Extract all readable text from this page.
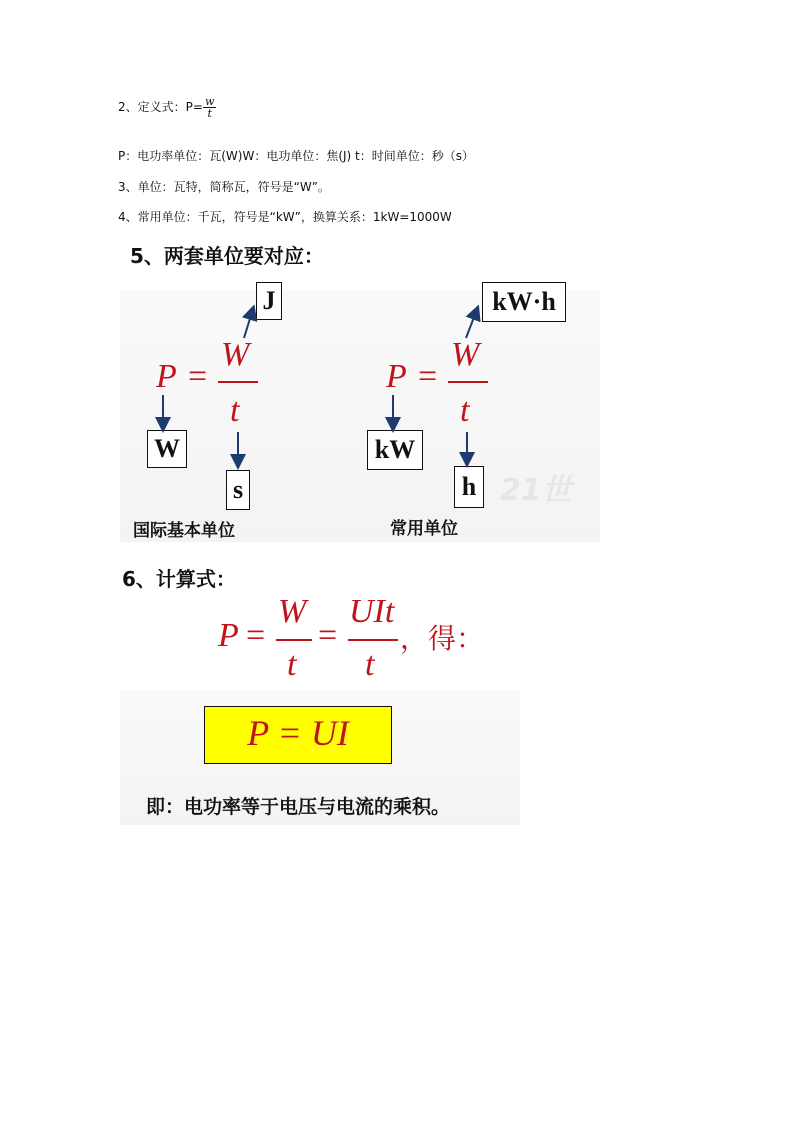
2、定义式：$P= \frac{w}{t}$
P：电功率单位：瓦(W)W：电功单位：焦(J) t：时间单位：秒（s）
3、单位：瓦特，简称瓦，符号是“W”。
4、常用单位：千瓦，符号是“kW”，换算关系：1kW=1000W
5、两套单位要对应：
21世
P =
W
t
J
W
s
国际基本单位
P =
W
t
kW·h
kW
h
常用单位
6、计算式：
P =
W
t
=
UIt
t
，得：
P = UI
即：电功率等于电压与电流的乘积。
